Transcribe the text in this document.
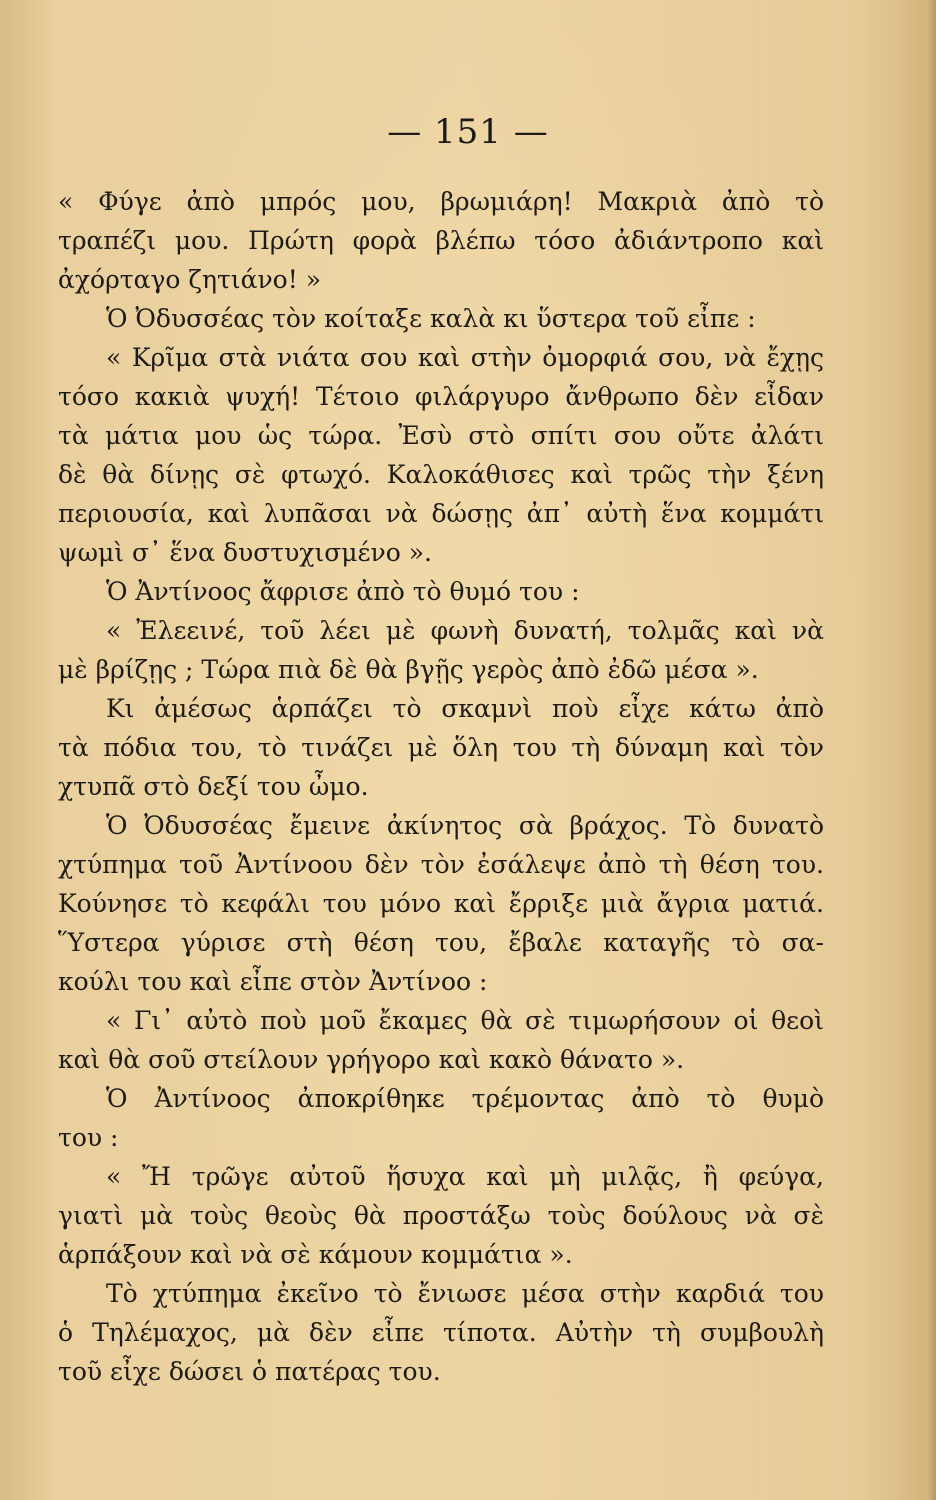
— 151 —
« Φύγε ἀπὸ μπρός μου, βρωμιάρη! Μακριὰ ἀπὸ τὸ
τραπέζι μου. Πρώτη φορὰ βλέπω τόσο ἀδιάντροπο καὶ
ἀχόρταγο ζητιάνο! »
Ὁ Ὀδυσσέας τὸν κοίταξε καλὰ κι ὕστερα τοῦ εἶπε :
« Κρῖμα στὰ νιάτα σου καὶ στὴν ὀμορφιά σου, νὰ ἔχῃς
τόσο κακιὰ ψυχή! Τέτοιο φιλάργυρο ἄνθρωπο δὲν εἶδαν
τὰ μάτια μου ὡς τώρα. Ἐσὺ στὸ σπίτι σου οὔτε ἀλάτι
δὲ θὰ δίνῃς σὲ φτωχό. Καλοκάθισες καὶ τρῶς τὴν ξένη
περιουσία, καὶ λυπᾶσαι νὰ δώσῃς ἀπ᾽ αὐτὴ ἕνα κομμάτι
ψωμὶ σ᾽ ἕνα δυστυχισμένο ».
Ὁ Ἀντίνοος ἄφρισε ἀπὸ τὸ θυμό του :
« Ἐλεεινέ, τοῦ λέει μὲ φωνὴ δυνατή, τολμᾶς καὶ νὰ
μὲ βρίζῃς ; Τώρα πιὰ δὲ θὰ βγῇς γερὸς ἀπὸ ἐδῶ μέσα ».
Κι ἀμέσως ἁρπάζει τὸ σκαμνὶ ποὺ εἶχε κάτω ἀπὸ
τὰ πόδια του, τὸ τινάζει μὲ ὅλη του τὴ δύναμη καὶ τὸν
χτυπᾶ στὸ δεξί του ὦμο.
Ὁ Ὀδυσσέας ἔμεινε ἀκίνητος σὰ βράχος. Τὸ δυνατὸ
χτύπημα τοῦ Ἀντίνοου δὲν τὸν ἐσάλεψε ἀπὸ τὴ θέση του.
Κούνησε τὸ κεφάλι του μόνο καὶ ἔρριξε μιὰ ἄγρια ματιά.
Ὕστερα γύρισε στὴ θέση του, ἔβαλε καταγῆς τὸ σα-
κούλι του καὶ εἶπε στὸν Ἀντίνοο :
« Γι᾽ αὐτὸ ποὺ μοῦ ἔκαμες θὰ σὲ τιμωρήσουν οἱ θεοὶ
καὶ θὰ σοῦ στείλουν γρήγορο καὶ κακὸ θάνατο ».
Ὁ Ἀντίνοος ἀποκρίθηκε τρέμοντας ἀπὸ τὸ θυμὸ
του :
« Ἤ τρῶγε αὐτοῦ ἥσυχα καὶ μὴ μιλᾷς, ἢ φεύγα,
γιατὶ μὰ τοὺς θεοὺς θὰ προστάξω τοὺς δούλους νὰ σὲ
ἁρπάξουν καὶ νὰ σὲ κάμουν κομμάτια ».
Τὸ χτύπημα ἐκεῖνο τὸ ἔνιωσε μέσα στὴν καρδιά του
ὁ Τηλέμαχος, μὰ δὲν εἶπε τίποτα. Αὐτὴν τὴ συμβουλὴ
τοῦ εἶχε δώσει ὁ πατέρας του.
